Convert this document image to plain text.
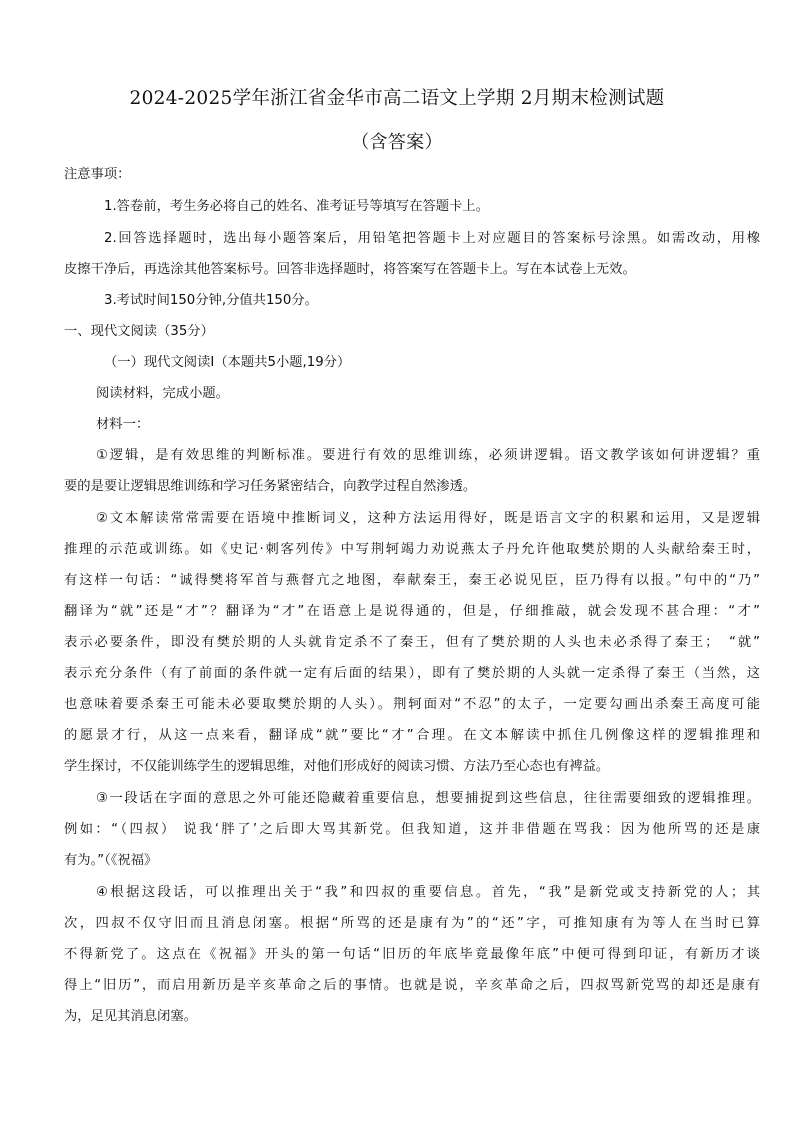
2024-2025学年浙江省金华市高二语文上学期 2月期末检测试题
（含答案）
注意事项：
1.答卷前，考生务必将自己的姓名、准考证号等填写在答题卡上。
2.回答选择题时，选出每小题答案后，用铅笔把答题卡上对应题目的答案标号涂黑。如需改动，用橡
皮擦干净后，再选涂其他答案标号。回答非选择题时，将答案写在答题卡上。写在本试卷上无效。
3.考试时间150分钟,分值共150分。
一、现代文阅读（35分）
（一）现代文阅读Ⅰ（本题共5小题,19分）
阅读材料，完成小题。
材料一：
①逻辑，是有效思维的判断标准。要进行有效的思维训练，必须讲逻辑。语文教学该如何讲逻辑？重
要的是要让逻辑思维训练和学习任务紧密结合，向教学过程自然渗透。
②文本解读常常需要在语境中推断词义，这种方法运用得好，既是语言文字的积累和运用，又是逻辑
推理的示范或训练。如《史记·刺客列传》中写荆轲竭力劝说燕太子丹允许他取樊於期的人头献给秦王时，
有这样一句话：“诚得樊将军首与燕督亢之地图，奉献秦王，秦王必说见臣，臣乃得有以报。”句中的“乃”
翻译为“就”还是“才”？翻译为“才”在语意上是说得通的，但是，仔细推敲，就会发现不甚合理：“才”
表示必要条件，即没有樊於期的人头就肯定杀不了秦王，但有了樊於期的人头也未必杀得了秦王；　“就”
表示充分条件（有了前面的条件就一定有后面的结果），即有了樊於期的人头就一定杀得了秦王（当然，这
也意味着要杀秦王可能未必要取樊於期的人头）。荆轲面对“不忍”的太子，一定要勾画出杀秦王高度可能
的愿景才行，从这一点来看，翻译成“就”要比“才”合理。在文本解读中抓住几例像这样的逻辑推理和
学生探讨，不仅能训练学生的逻辑思维，对他们形成好的阅读习惯、方法乃至心态也有裨益。
③一段话在字面的意思之外可能还隐藏着重要信息，想要捕捉到这些信息，往往需要细致的逻辑推理。
例如：“（四叔） 说我‘胖了’之后即大骂其新党。但我知道，这并非借题在骂我：因为他所骂的还是康
有为。”（《祝福》
④根据这段话，可以推理出关于“我”和四叔的重要信息。首先，“我”是新党或支持新党的人；其
次，四叔不仅守旧而且消息闭塞。根据“所骂的还是康有为”的“还”字，可推知康有为等人在当时已算
不得新党了。这点在《祝福》开头的第一句话“旧历的年底毕竟最像年底”中便可得到印证，有新历才谈
得上“旧历”，而启用新历是辛亥革命之后的事情。也就是说，辛亥革命之后，四叔骂新党骂的却还是康有
为，足见其消息闭塞。
